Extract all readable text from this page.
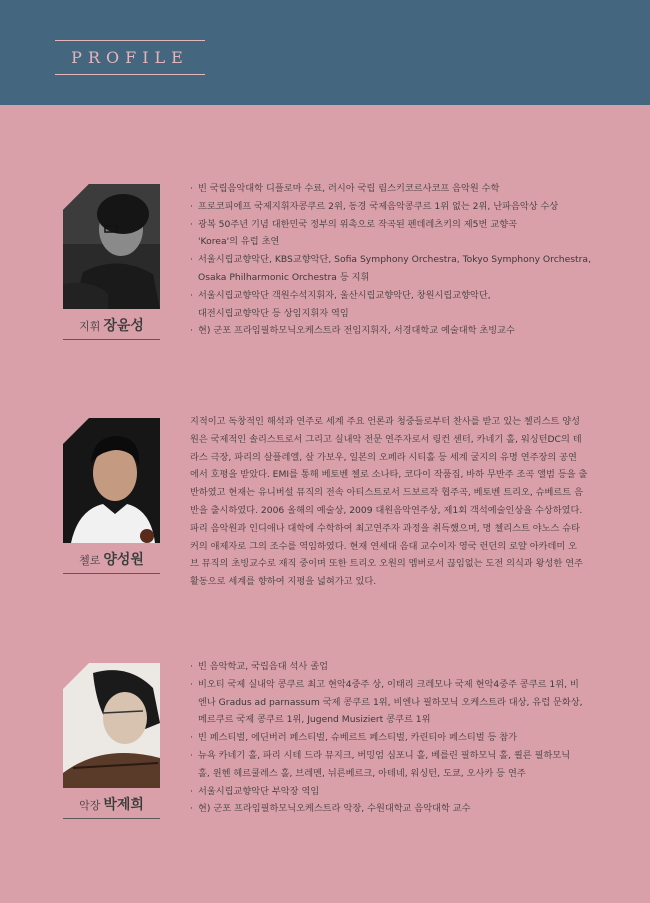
PROFILE
지휘 장윤성
· 빈 국립음악대학 디플로마 수료, 러시아 국립 림스키코르사코프 음악원 수학
· 프로코피에프 국제지휘자콩쿠르 2위, 동경 국제음악콩쿠르 1위 없는 2위, 난파음악상 수상
· 광복 50주년 기념 대한민국 정부의 위촉으로 작곡된 펜데레츠키의 제5번 교향곡
'Korea'의 유럽 초연
· 서울시립교향악단, KBS교향악단, Sofia Symphony Orchestra, Tokyo Symphony Orchestra,
Osaka Philharmonic Orchestra 등 지휘
· 서울시립교향악단 객원수석지휘자, 울산시립교향악단, 창원시립교향악단,
대전시립교향악단 등 상임지휘자 역임
· 현) 군포 프라임필하모닉오케스트라 전임지휘자, 서경대학교 예술대학 초빙교수
첼로 양성원
지적이고 독창적인 해석과 연주로 세계 주요 언론과 청중들로부터 찬사를 받고 있는 첼리스트 양성
원은 국제적인 솔리스트로서 그리고 실내악 전문 연주자로서 링컨 센터, 카네기 홀, 워싱턴DC의 테
라스 극장, 파리의 살플레엘, 살 가보우, 일본의 오페라 시티홀 등 세계 굴지의 유명 연주장의 공연
에서 호평을 받았다. EMI를 통해 베토벤 첼로 소나타, 코다이 작품집, 바하 무반주 조곡 앨범 등을 출
반하였고 현재는 유니버설 뮤직의 전속 아티스트로서 드보르작 협주곡, 베토벤 트리오, 슈베르트 음
반을 출시하였다. 2006 올해의 예술상, 2009 대원음악연주상, 제1회 객석예술인상을 수상하였다.
파리 음악원과 인디애나 대학에 수학하여 최고연주자 과정을 취득했으며, 명 첼리스트 야노스 슈타
커의 애제자로 그의 조수를 역임하였다. 현재 연세대 음대 교수이자 영국 런던의 로얄 아카데미 오
브 뮤직의 초빙교수로 재직 중이며 또한 트리오 오원의 멤버로서 끊임없는 도전 의식과 왕성한 연주
활동으로 세계를 향하여 지평을 넓혀가고 있다.
악장 박제희
· 빈 음악학교, 국립음대 석사 졸업
· 비오티 국제 실내악 콩쿠르 최고 현악4중주 상, 이태리 크레모나 국제 현악4중주 콩쿠르 1위, 비
엔나 Gradus ad parnassum 국제 콩쿠르 1위, 비엔나 필하모닉 오케스트라 대상, 유럽 문화상,
메르쿠르 국제 콩쿠르 1위, Jugend Musiziert 콩쿠르 1위
· 빈 페스티벌, 에딘버러 페스티벌, 슈베르트 페스티벌, 카린티아 페스티벌 등 참가
· 뉴욕 카네기 홀, 파리 시테 드라 뮤지크, 버밍엄 심포니 홀, 베를린 필하모닉 홀, 쾰른 필하모닉
홀, 윈헨 헤르쿨레스 홀, 브레멘, 뉘른베르크, 아테네, 워싱턴, 도쿄, 오사카 등 연주
· 서울시립교향악단 부악장 역임
· 현) 군포 프라임필하모닉오케스트라 악장, 수원대학교 음악대학 교수
